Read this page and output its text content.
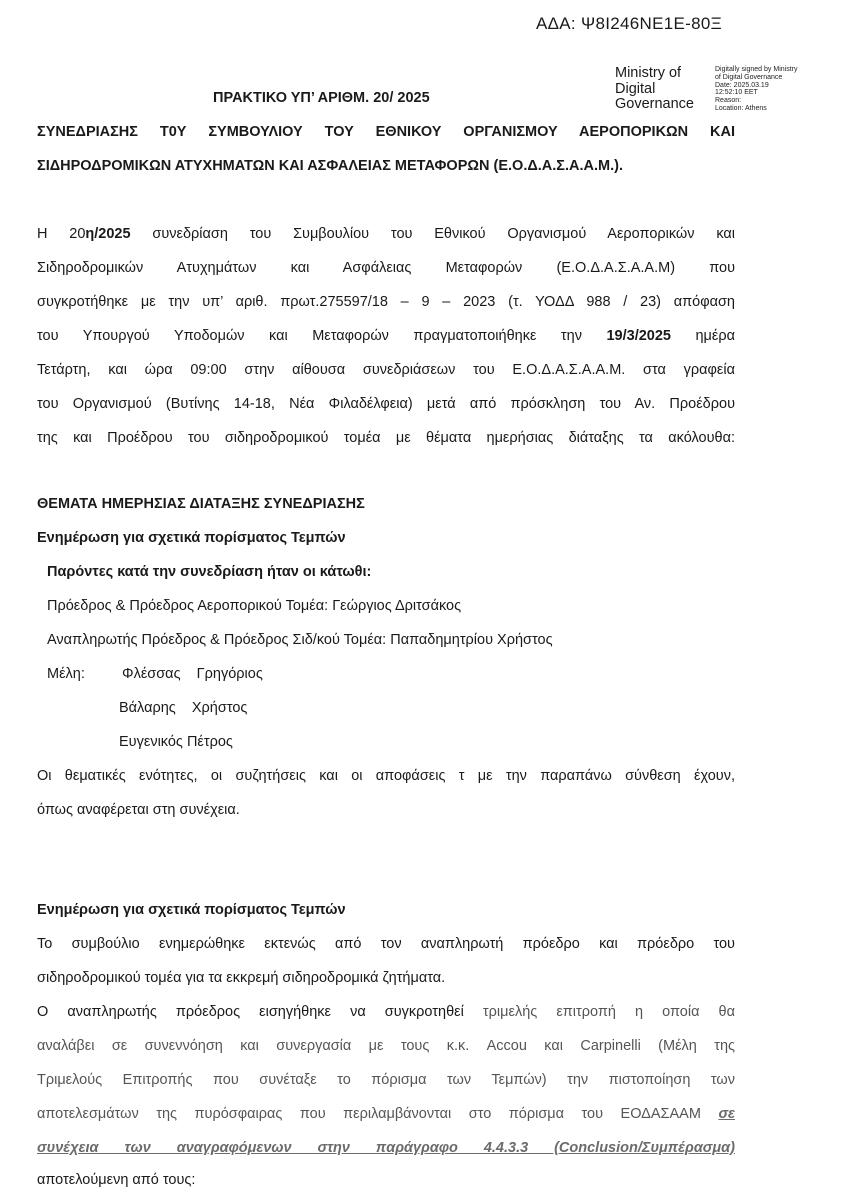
ΑΔΑ: Ψ8Ι246ΝΕ1Ε-80Ξ
Ministry of
Digital
Governance
Digitally signed by Ministry
of Digital Governance
Date: 2025.03.19
12:52:10 EET
Reason:
Location: Athens
ΠΡΑΚΤΙΚΟ ΥΠ’ ΑΡΙΘΜ. 20/ 2025
ΣΥΝΕΔΡΙΑΣΗΣ Τ0Υ ΣΥΜΒΟΥΛΙΟΥ ΤΟΥ ΕΘΝΙΚΟΥ ΟΡΓΑΝΙΣΜΟΥ ΑΕΡΟΠΟΡΙΚΩΝ ΚΑΙ
ΣΙΔΗΡΟΔΡΟΜΙΚΩΝ ΑΤΥΧΗΜΑΤΩΝ ΚΑΙ ΑΣΦΑΛΕΙΑΣ ΜΕΤΑΦΟΡΩΝ (Ε.Ο.Δ.Α.Σ.Α.Α.Μ.).
Η 20η/2025 συνεδρίαση του Συμβουλίου του Εθνικού Οργανισμού Αεροπορικών και
Σιδηροδρομικών Ατυχημάτων και Ασφάλειας Μεταφορών (Ε.Ο.Δ.Α.Σ.Α.Α.Μ) που
συγκροτήθηκε με την υπ’ αριθ. πρωτ.275597/18 – 9 – 2023 (τ. ΥΟΔΔ 988 / 23) απόφαση
του Υπουργού Υποδομών και Μεταφορών πραγματοποιήθηκε την 19/3/2025 ημέρα
Τετάρτη, και ώρα 09:00 στην αίθουσα συνεδριάσεων του Ε.Ο.Δ.Α.Σ.Α.Α.Μ. στα γραφεία
του Οργανισμού (Βυτίνης 14-18, Νέα Φιλαδέλφεια) μετά από πρόσκληση του Αν. Προέδρου
της και Προέδρου του σιδηροδρομικού τομέα με θέματα ημερήσιας διάταξης τα ακόλουθα:
ΘΕΜΑΤΑ ΗΜΕΡΗΣΙΑΣ ΔΙΑΤΑΞΗΣ ΣΥΝΕΔΡΙΑΣΗΣ
Ενημέρωση για σχετικά πορίσματος Τεμπών
Παρόντες κατά την συνεδρίαση ήταν οι κάτωθι:
Πρόεδρος & Πρόεδρος Αεροπορικού Τομέα: Γεώργιος Δριτσάκος
Αναπληρωτής Πρόεδρος & Πρόεδρος Σιδ/κού Τομέα: Παπαδημητρίου Χρήστος
Μέλη:	Φλέσσας    Γρηγόριος
Βάλαρης    Χρήστος
Ευγενικός Πέτρος
Οι θεματικές ενότητες, οι συζητήσεις και οι αποφάσεις τ με την παραπάνω σύνθεση έχουν,
όπως αναφέρεται στη συνέχεια.
Ενημέρωση για σχετικά πορίσματος Τεμπών
Το συμβούλιο ενημερώθηκε εκτενώς από τον αναπληρωτή πρόεδρο και πρόεδρο του
σιδηροδρομικού τομέα για τα εκκρεμή σιδηροδρομικά ζητήματα.
Ο αναπληρωτής πρόεδρος εισηγήθηκε να συγκροτηθεί τριμελής επιτροπή η οποία θα
αναλάβει σε συνεννόηση και συνεργασία με τους κ.κ. Accou και Carpinelli (Μέλη της
Τριμελούς Επιτροπής που συνέταξε το πόρισμα των Τεμπών) την πιστοποίηση των
αποτελεσμάτων της πυρόσφαιρας που περιλαμβάνονται στο πόρισμα του ΕΟΔΑΣΑΑΜ σε
συνέχεια των αναγραφόμενων στην παράγραφο 4.4.3.3 (Conclusion/Συμπέρασμα)
αποτελούμενη από τους:
